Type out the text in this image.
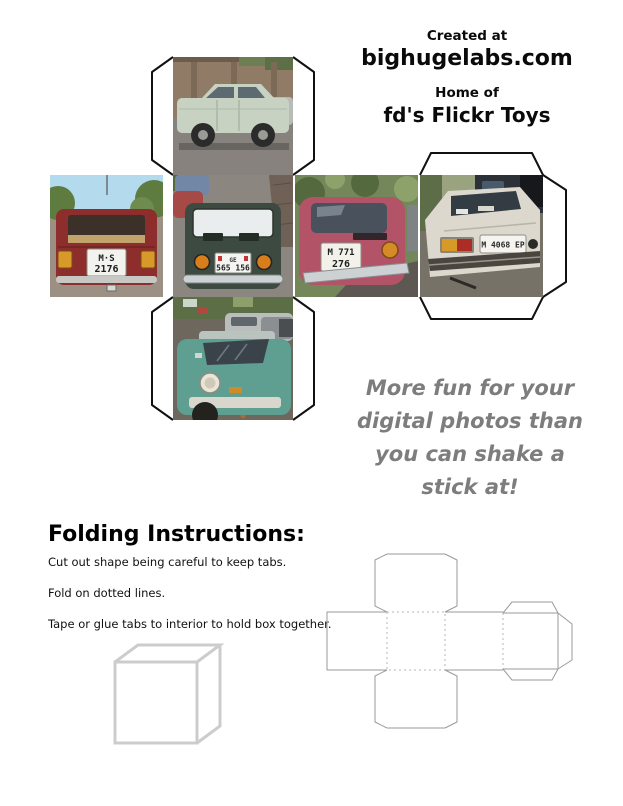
Created at
bighugelabs.com
Home of
fd's Flickr Toys
M·S
2176
GE
565 156
M 771
276
M 4068 EP
More fun for your
digital photos than
you can shake a
stick at!
Folding Instructions:
Cut out shape being careful to keep tabs.
Fold on dotted lines.
Tape or glue tabs to interior to hold box together.
